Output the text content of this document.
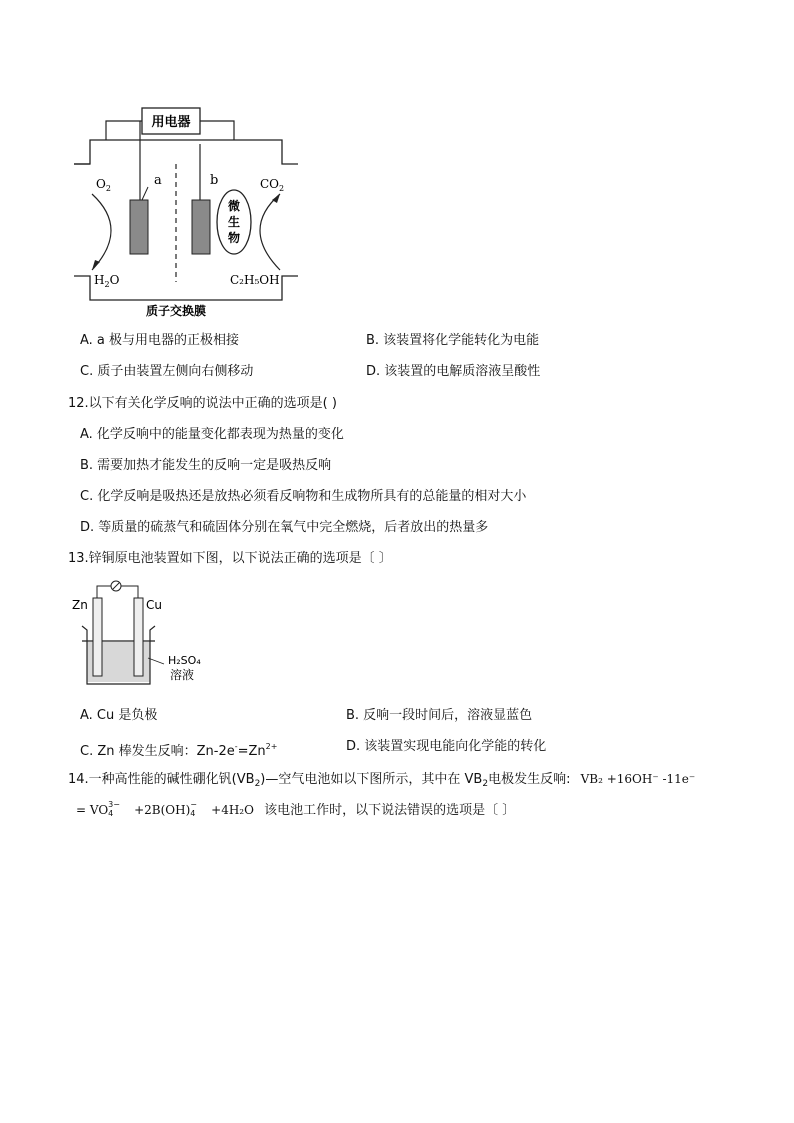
用电器
a	b
$O_2$
$H_2O$
微
生
物
$CO_2$
C₂H₅OH
质子交换膜
A. a 极与用电器的正极相接	B. 该装置将化学能转化为电能
C. 质子由装置左侧向右侧移动	D. 该装置的电解质溶液呈酸性
12.以下有关化学反响的说法中正确的选项是( )
A. 化学反响中的能量变化都表现为热量的变化
B. 需要加热才能发生的反响一定是吸热反响
C. 化学反响是吸热还是放热必须看反响物和生成物所具有的总能量的相对大小
D. 等质量的硫蒸气和硫固体分别在氧气中完全燃烧，后者放出的热量多
13.锌铜原电池装置如下图，以下说法正确的选项是〔 〕
Zn	Cu
H₂SO₄
溶液
A. Cu 是负极	B. 反响一段时间后，溶液显蓝色
C. Zn 棒发生反响：$Zn-2e^-=Zn^{2+}$	D. 该装置实现电能向化学能的转化
14.一种高性能的碱性硼化钒$(VB_2)—$空气电池如以下图所示，其中在 $VB_2$电极发生反响: VB₂ +16OH⁻ -11e⁻
= VO 3−
4	+2B(OH) −
4 +4H₂O 该电池工作时，以下说法错误的选项是〔 〕
